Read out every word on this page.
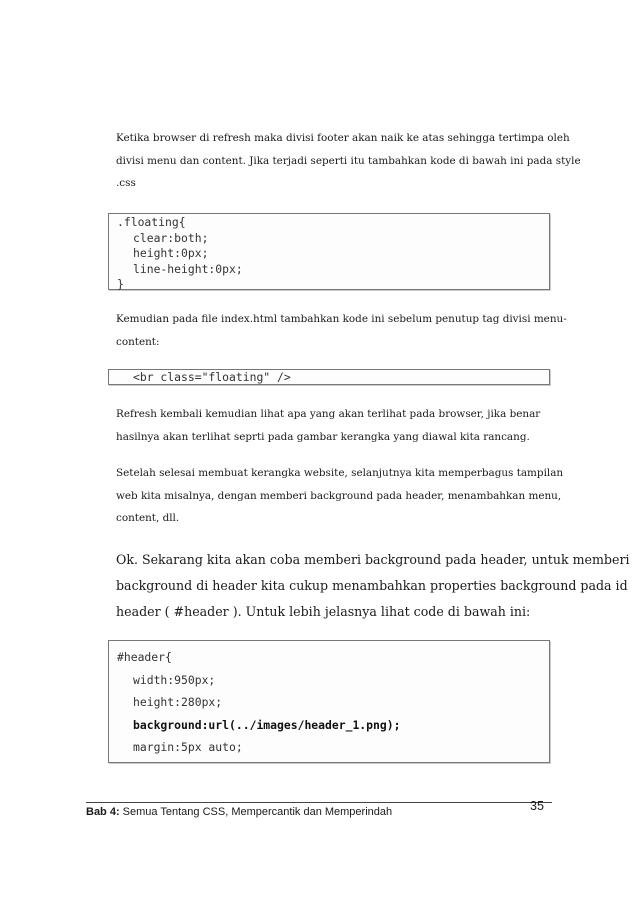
Ketika browser di refresh maka divisi footer akan naik ke atas sehingga tertimpa oleh
divisi menu dan content. Jika terjadi seperti itu tambahkan kode di bawah ini pada style
.css

.floating{
clear:both;
height:0px;
line-height:0px;
}

Kemudian pada file index.html tambahkan kode ini sebelum penutup tag divisi menu-
content:

<br class="floating" />

Refresh kembali kemudian lihat apa yang akan terlihat pada browser, jika benar
hasilnya akan terlihat seprti pada gambar kerangka yang diawal kita rancang.

Setelah selesai membuat kerangka website, selanjutnya kita memperbagus tampilan
web kita misalnya, dengan memberi background pada header, menambahkan menu,
content, dll.

Ok. Sekarang kita akan coba memberi background pada header, untuk memberi
background di header kita cukup menambahkan properties background pada id
header ( #header ). Untuk lebih jelasnya lihat code di bawah ini:

#header{
width:950px;
height:280px;
background:url(../images/header_1.png);
margin:5px auto;
Bab 4: Semua Tentang CSS, Mempercantik dan Memperindah	35
